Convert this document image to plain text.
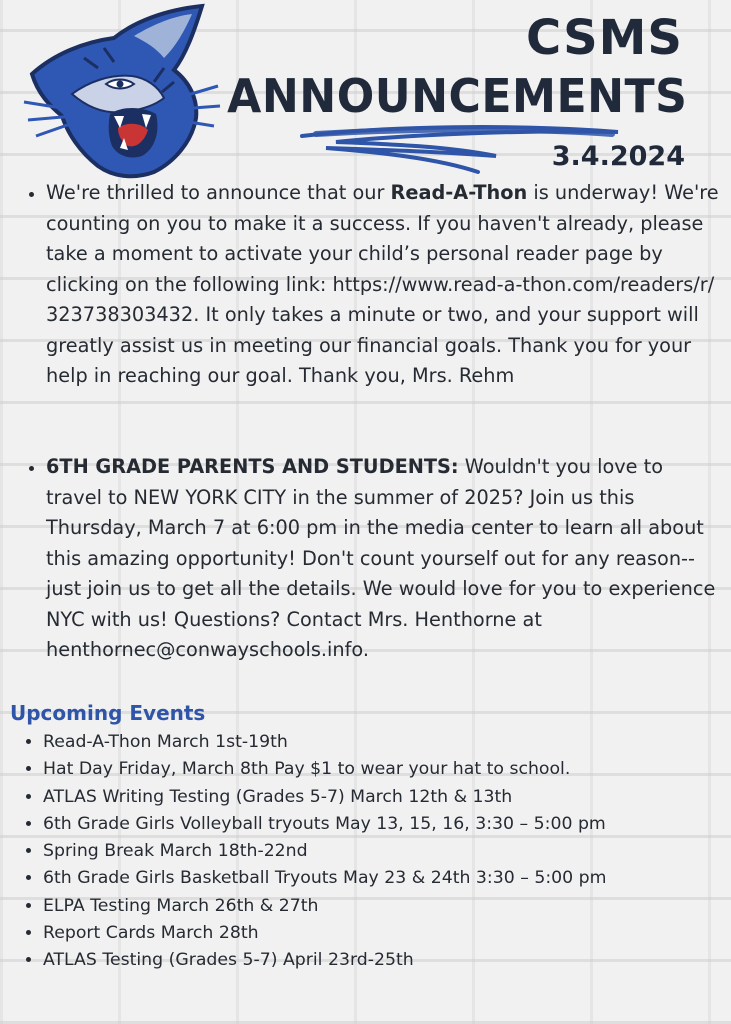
CSMS
ANNOUNCEMENTS
3.4.2024
• We're thrilled to announce that our Read-A-Thon is underway! We're counting on you to make it a success. If you haven't already, please take a moment to activate your child’s personal reader page by clicking on the following link: https://www.read-a-thon.com/readers/r/323738303432. It only takes a minute or two, and your support will greatly assist us in meeting our financial goals. Thank you for your help in reaching our goal. Thank you, Mrs. Rehm
• 6TH GRADE PARENTS AND STUDENTS: Wouldn't you love to travel to NEW YORK CITY in the summer of 2025? Join us this Thursday, March 7 at 6:00 pm in the media center to learn all about this amazing opportunity! Don't count yourself out for any reason--just join us to get all the details. We would love for you to experience NYC with us! Questions? Contact Mrs. Henthorne at henthornec@conwayschools.info.
Upcoming Events
• Read-A-Thon March 1st-19th
• Hat Day Friday, March 8th Pay $1 to wear your hat to school.
• ATLAS Writing Testing (Grades 5-7) March 12th & 13th
• 6th Grade Girls Volleyball tryouts May 13, 15, 16, 3:30 – 5:00 pm
• Spring Break March 18th-22nd
• 6th Grade Girls Basketball Tryouts May 23 & 24th 3:30 – 5:00 pm
• ELPA Testing March 26th & 27th
• Report Cards March 28th
• ATLAS Testing (Grades 5-7) April 23rd-25th
